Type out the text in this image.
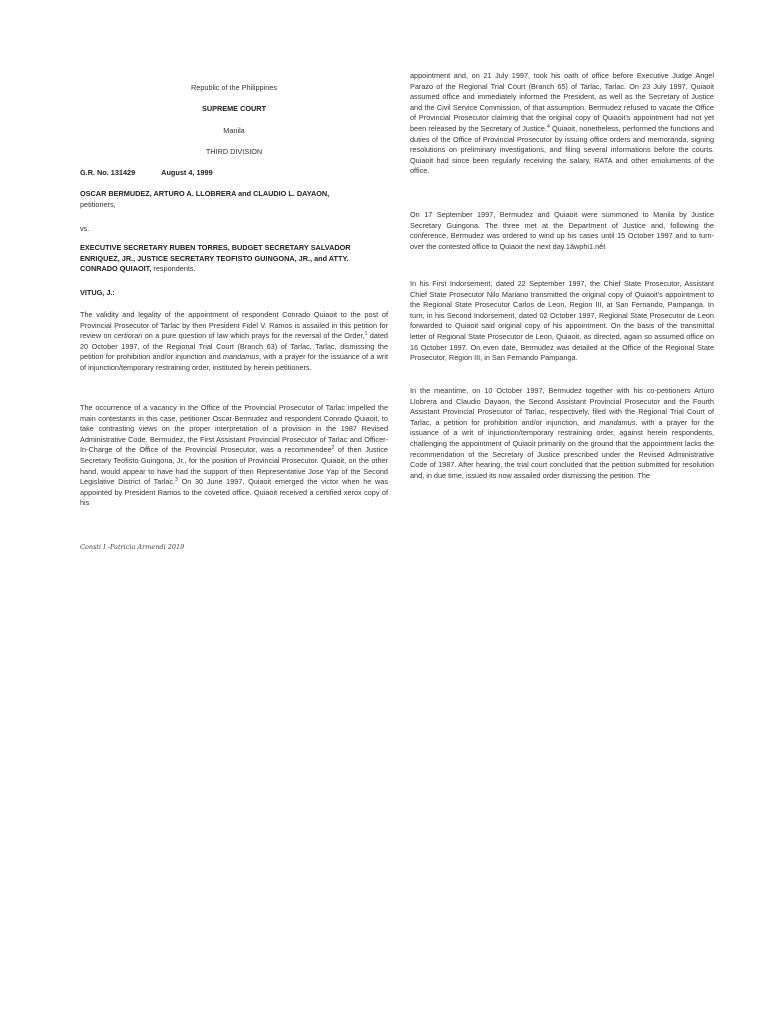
Republic of the Philippines

SUPREME COURT

Manila

THIRD DIVISION

G.R. No. 131429	August 4, 1999

OSCAR BERMUDEZ, ARTURO A. LLOBRERA and CLAUDIO L. DAYAON,
petitioners,

vs.

EXECUTIVE SECRETARY RUBEN TORRES, BUDGET SECRETARY SALVADOR ENRIQUEZ, JR., JUSTICE SECRETARY TEOFISTO GUINGONA, JR., and ATTY. CONRADO QUIAOIT, respondents.

VITUG, J.:

The validity and legality of the appointment of respondent Conrado Quiaoit to the post of Provincial Prosecutor of Tarlac by then President Fidel V. Ramos is assailed in this petition for review on certiorari on a pure question of law which prays for the reversal of the Order,$^1$ dated 20 October 1997, of the Regional Trial Court (Branch 63) of Tarlac, Tarlac, dismissing the petition for prohibition and/or injunction and mandamus, with a prayer for the issuance of a writ of injunction/temporary restraining order, instituted by herein petitioners.

The occurrence of a vacancy in the Office of the Provincial Prosecutor of Tarlac impelled the main contestants in this case, petitioner Oscar Bermudez and respondent Conrado Quiaoit, to take contrasting views on the proper interpretation of a provision in the 1987 Revised Administrative Code. Bermudez, the First Assistant Provincial Prosecutor of Tarlac and Officer-In-Charge of the Office of the Provincial Prosecutor, was a recommendee$^2$ of then Justice Secretary Teofisto Guingona, Jr., for the position of Provincial Prosecutor. Quiaoit, on the other hand, would appear to have had the support of then Representative Jose Yap of the Second Legislative District of Tarlac.$^3$ On 30 June 1997, Quiaoit emerged the victor when he was appointed by President Ramos to the coveted office. Quiaoit received a certified xerox copy of his

Consti I -Patricia Armendi 2019

appointment and, on 21 July 1997, took his oath of office before Executive Judge Angel Parazo of the Regional Trial Court (Branch 65) of Tarlac, Tarlac. On 23 July 1997, Quiaoit assumed office and immediately informed the President, as well as the Secretary of Justice and the Civil Service Commission, of that assumption. Bermudez refused to vacate the Office of Provincial Prosecutor claiming that the original copy of Quiaoit's appointment had not yet been released by the Secretary of Justice.$^4$ Quiaoit, nonetheless, performed the functions and duties of the Office of Provincial Prosecutor by issuing office orders and memoranda, signing resolutions on preliminary investigations, and filing several informations before the courts. Quiaoit had since been regularly receiving the salary, RATA and other emoluments of the office.

On 17 September 1997, Bermudez and Quiaoit were summoned to Manila by Justice Secretary Guingona. The three met at the Department of Justice and, following the conference, Bermudez was ordered to wind up his cases until 15 October 1997 and to turn-over the contested office to Quiaoit the next day.1ãwphi1.nêt

In his First Indorsement, dated 22 September 1997, the Chief State Prosecutor, Assistant Chief State Prosecutor Nilo Mariano transmitted the original copy of Quiaoit's appointment to the Regional State Prosecutor Carlos de Leon, Region III, at San Fernando, Pampanga. In turn, in his Second Indorsement, dated 02 October 1997, Regional State Prosecutor de Leon forwarded to Quiaoit said original copy of his appointment. On the basis of the transmittal letter of Regional State Prosecutor de Leon, Quiaoit, as directed, again so assumed office on 16 October 1997. On even date, Bermudez was detailed at the Office of the Regional State Prosecutor, Region III, in San Fernando Pampanga.

In the meantime, on 10 October 1997, Bermudez together with his co-petitioners Arturo Llobrera and Claudio Dayaon, the Second Assistant Provincial Prosecutor and the Fourth Assistant Provincial Prosecutor of Tarlac, respectively, filed with the Regional Trial Court of Tarlac, a petition for prohibition and/or injunction, and mandamus, with a prayer for the issuance of a writ of injunction/temporary restraining order, against herein respondents, challenging the appointment of Quiaoit primarily on the ground that the appointment lacks the recommendation of the Secretary of Justice prescribed under the Revised Administrative Code of 1987. After hearing, the trial court concluded that the petition submitted for resolution and, in due time, issued its now assailed order dismissing the petition. The
